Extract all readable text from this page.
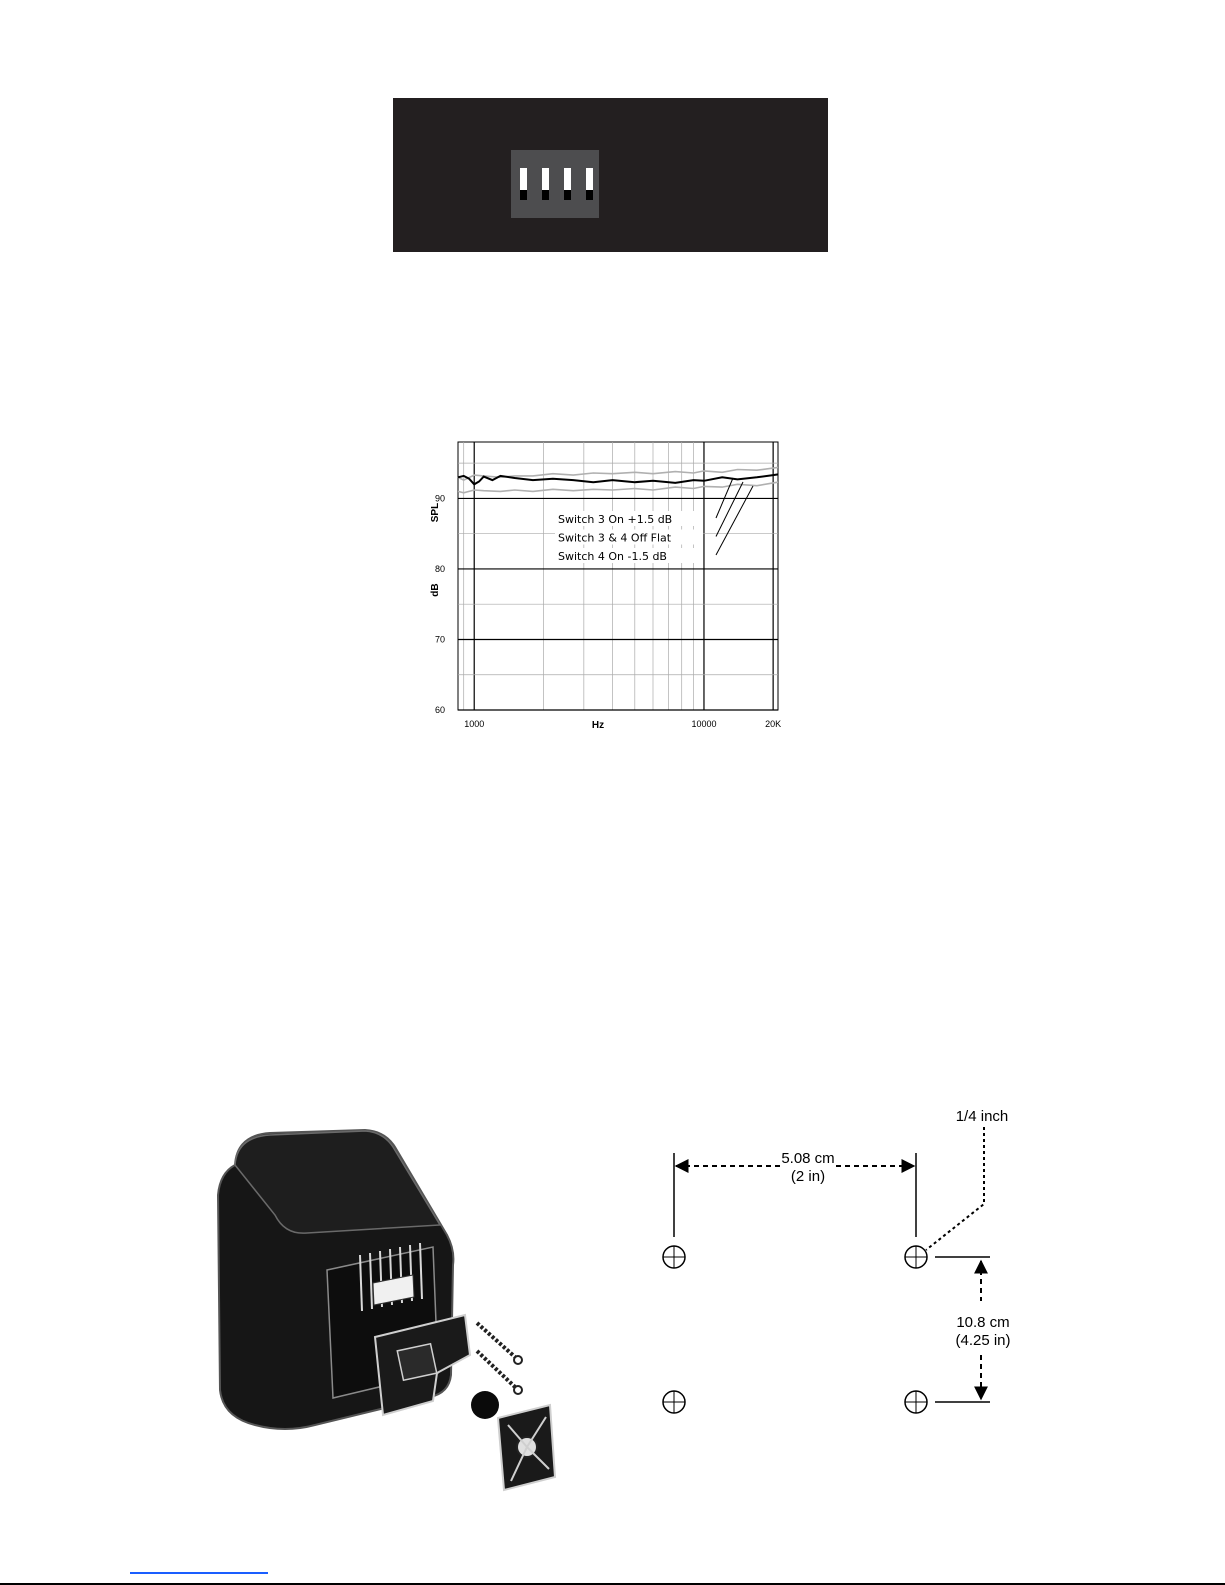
60
70
80
90
1000	10000	20K
Hz
SPL
dB
Switch 3 On +1.5 dB
Switch 3 & 4 Off Flat
Switch 4 On -1.5 dB
5.08 cm
(2 in)
1/4 inch
10.8 cm
(4.25 in)
